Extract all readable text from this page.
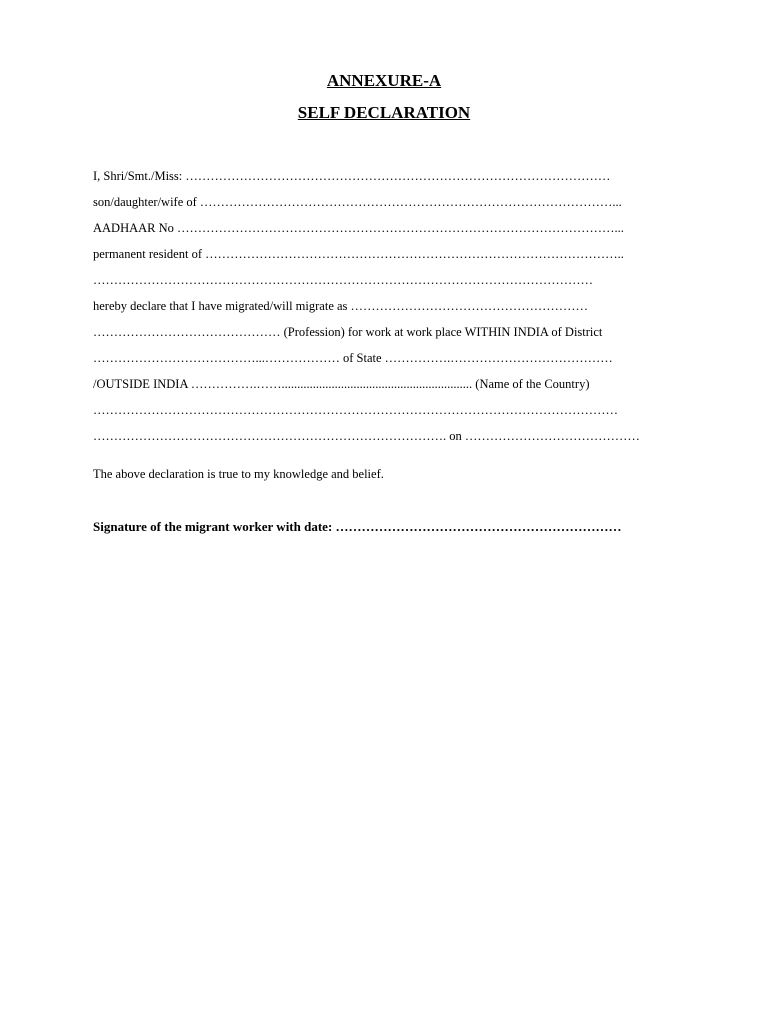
ANNEXURE-A
SELF DECLARATION
I, Shri/Smt./Miss: …………………………………………………………………………………………
son/daughter/wife of ………………………………………………………………………………………...
AADHAAR No ……………………………………………………………………………………………...
permanent resident of ………………………………………………………………………………………..
…………………………………………………………………………………………………………
hereby declare that I have migrated/will migrate as …………………………………………………
……………………………………… (Profession) for work at work place WITHIN INDIA of District
…………………………………...……………… of State …………….…………………………………
/OUTSIDE INDIA …………….……............................................................. (Name of the Country)
………………………………………………………………………………………………………………
…………………………………………………………………………. on ……………………………………
The above declaration is true to my knowledge and belief.
Signature of the migrant worker with date: …………………………………………………………
